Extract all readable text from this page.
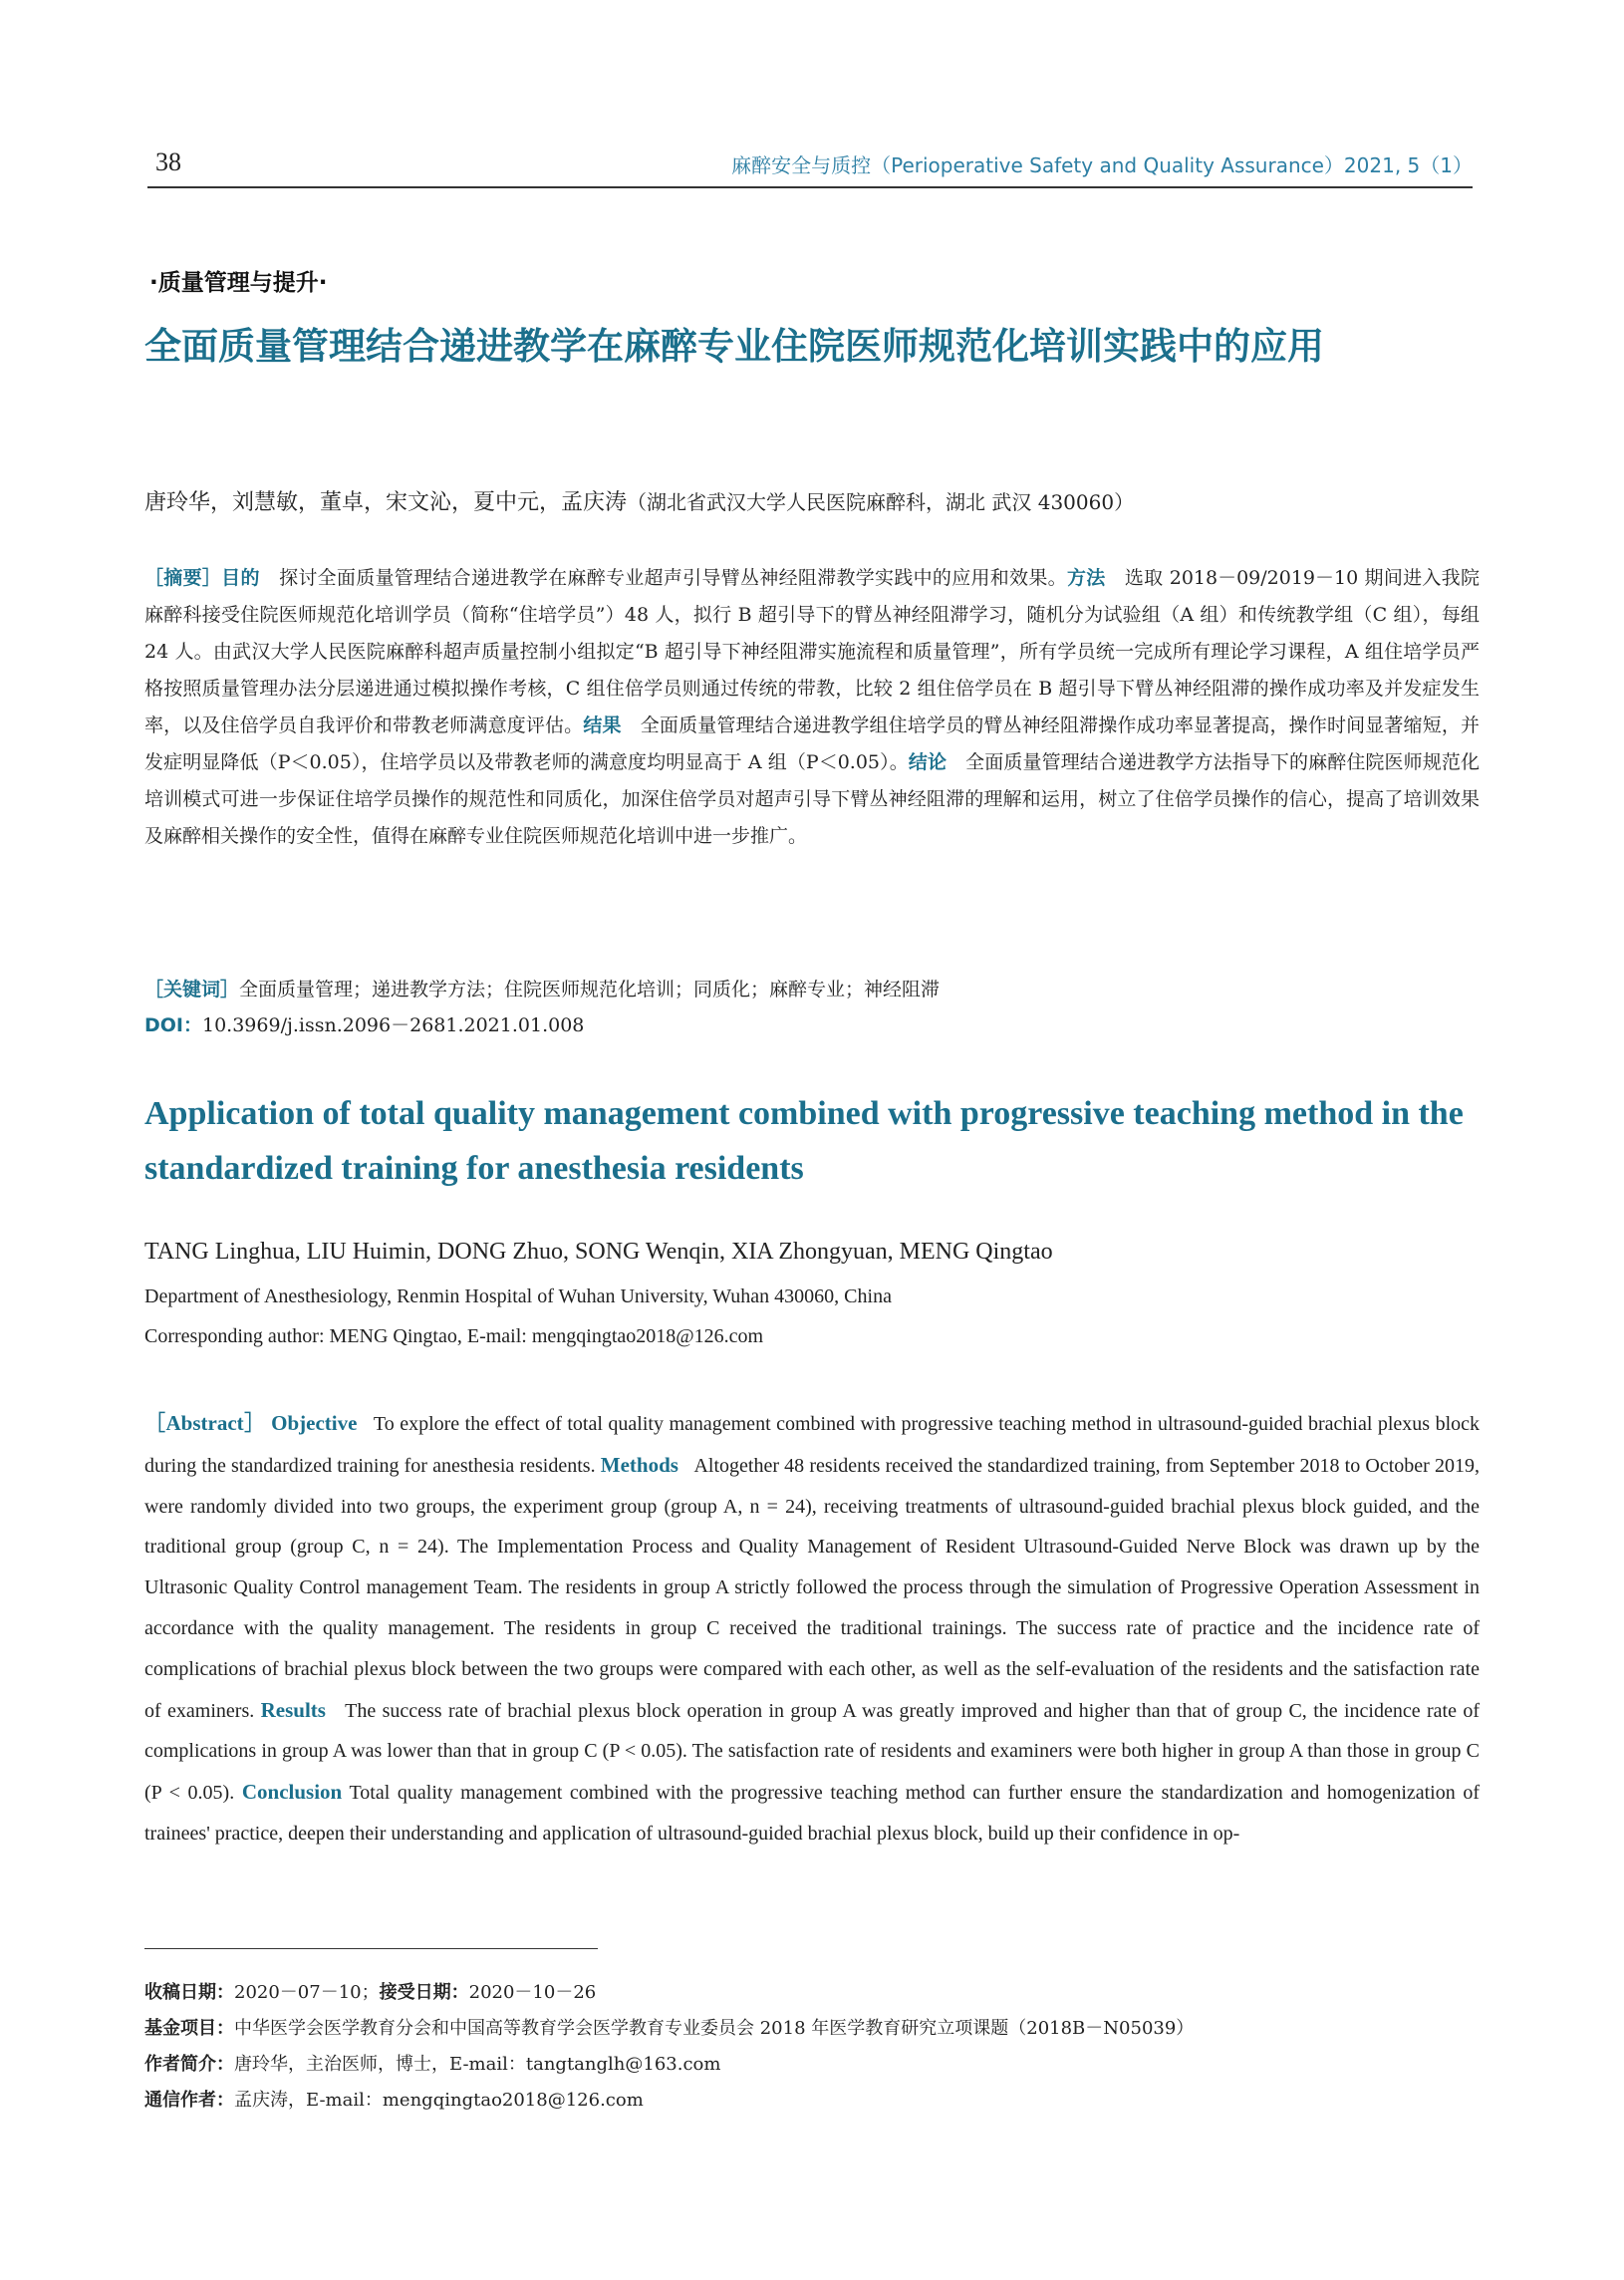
38	麻醉安全与质控（Perioperative Safety and Quality Assurance）2021, 5（1）
·质量管理与提升·
全面质量管理结合递进教学在麻醉专业住院医师规范化培训实践中的应用
唐玲华，刘慧敏，董卓，宋文沁，夏中元，孟庆涛（湖北省武汉大学人民医院麻醉科，湖北 武汉 430060）
［摘要］目的　 探讨全面质量管理结合递进教学在麻醉专业超声引导臂丛神经阻滞教学实践中的应用和效果。方法　 选取 2018－09/2019－10 期间进入我院麻醉科接受住院医师规范化培训学员（简称“住培学员”）48 人，拟行 B 超引导下的臂丛神经阻滞学习，随机分为试验组（A 组）和传统教学组（C 组），每组 24 人。由武汉大学人民医院麻醉科超声质量控制小组拟定“B 超引导下神经阻滞实施流程和质量管理”，所有学员统一完成所有理论学习课程，A 组住培学员严格按照质量管理办法分层递进通过模拟操作考核，C 组住倍学员则通过传统的带教，比较 2 组住倍学员在 B 超引导下臂丛神经阻滞的操作成功率及并发症发生率，以及住倍学员自我评价和带教老师满意度评估。结果　 全面质量管理结合递进教学组住培学员的臂丛神经阻滞操作成功率显著提高，操作时间显著缩短，并发症明显降低（P＜0.05），住培学员以及带教老师的满意度均明显高于 A 组（P＜0.05）。结论　 全面质量管理结合递进教学方法指导下的麻醉住院医师规范化培训模式可进一步保证住培学员操作的规范性和同质化，加深住倍学员对超声引导下臂丛神经阻滞的理解和运用，树立了住倍学员操作的信心，提高了培训效果及麻醉相关操作的安全性，值得在麻醉专业住院医师规范化培训中进一步推广。
［关键词］全面质量管理；递进教学方法；住院医师规范化培训；同质化；麻醉专业；神经阻滞
DOI：10.3969/j.issn.2096－2681.2021.01.008
Application of total quality management combined with progressive teaching method in the standardized training for anesthesia residents
TANG Linghua, LIU Huimin, DONG Zhuo, SONG Wenqin, XIA Zhongyuan, MENG Qingtao
Department of Anesthesiology, Renmin Hospital of Wuhan University, Wuhan 430060, China
Corresponding author: MENG Qingtao, E-mail: mengqingtao2018@126.com
［Abstract］ Objective To explore the effect of total quality management combined with progressive teaching method in ultrasound-guided brachial plexus block during the standardized training for anesthesia residents. Methods Altogether 48 residents received the standardized training, from September 2018 to October 2019, were randomly divided into two groups, the experiment group (group A, n = 24), receiving treatments of ultrasound-guided brachial plexus block guided, and the traditional group (group C, n = 24). The Implementation Process and Quality Management of Resident Ultrasound-Guided Nerve Block was drawn up by the Ultrasonic Quality Control management Team. The residents in group A strictly followed the process through the simulation of Progressive Operation Assessment in accordance with the quality management. The residents in group C received the traditional trainings. The success rate of practice and the incidence rate of complications of brachial plexus block between the two groups were compared with each other, as well as the self-evaluation of the residents and the satisfaction rate of examiners. Results The success rate of brachial plexus block operation in group A was greatly improved and higher than that of group C, the incidence rate of complications in group A was lower than that in group C (P < 0.05). The satisfaction rate of residents and examiners were both higher in group A than those in group C (P < 0.05). Conclusion Total quality management combined with the progressive teaching method can further ensure the standardization and homogenization of trainees' practice, deepen their understanding and application of ultrasound-guided brachial plexus block, build up their confidence in op-
收稿日期：2020－07－10；接受日期：2020－10－26
基金项目：中华医学会医学教育分会和中国高等教育学会医学教育专业委员会 2018 年医学教育研究立项课题（2018B－N05039）
作者简介：唐玲华，主治医师，博士，E-mail：tangtanglh@163.com
通信作者：孟庆涛，E-mail：mengqingtao2018@126.com
